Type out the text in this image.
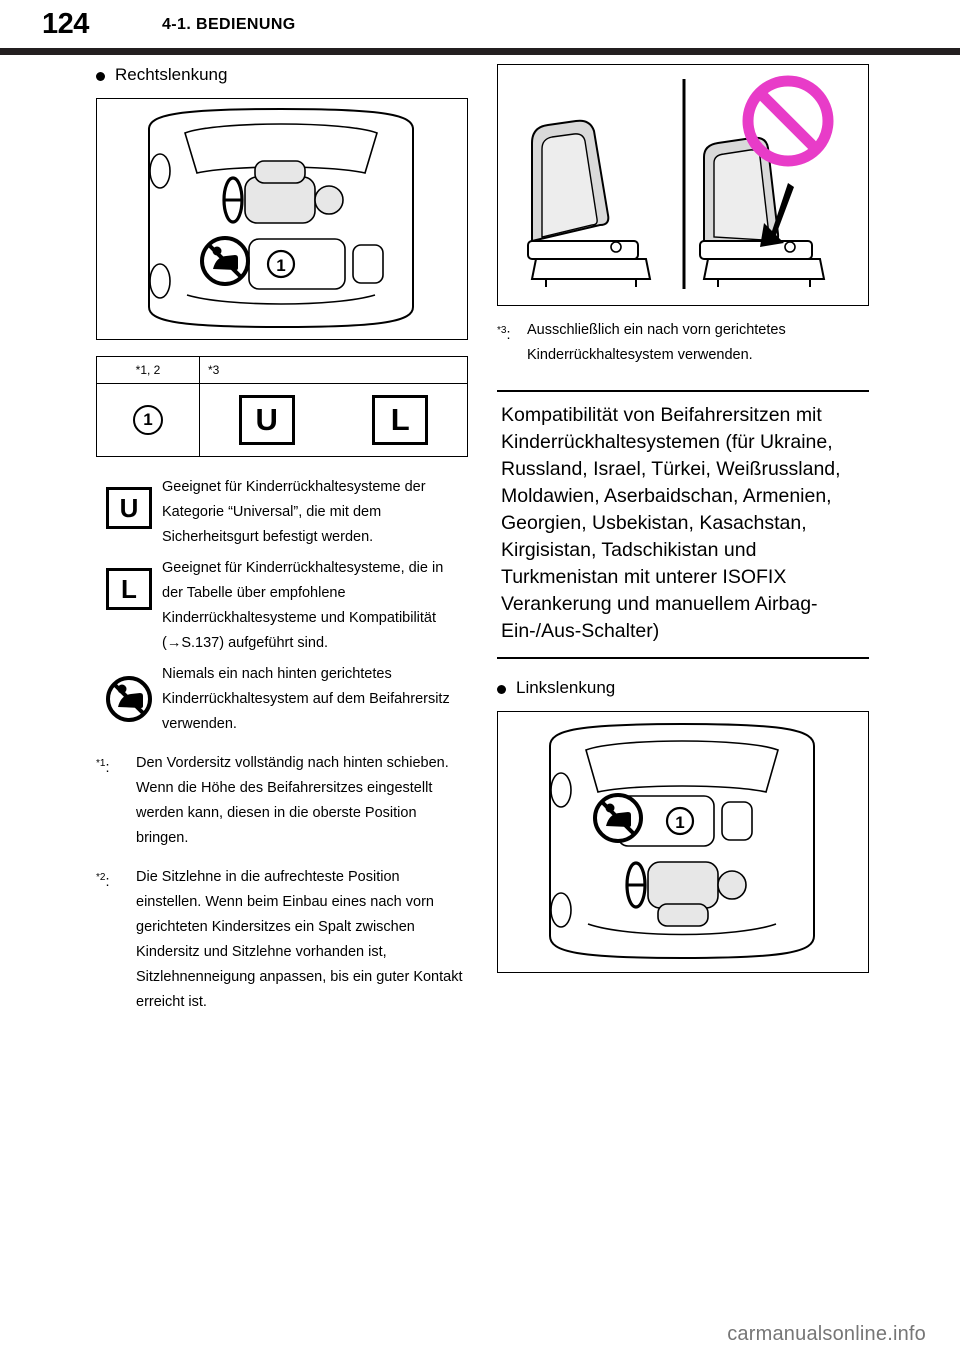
124	4-1. BEDIENUNG
Rechtslenkung
1
*1, 2	*3
1	U	L
U
Geeignet für Kinderrückhaltesysteme der Kategorie “Universal”, die mit dem Sicherheitsgurt befestigt werden.
L
Geeignet für Kinderrückhaltesysteme, die in der Tabelle über empfohlene Kinderrückhaltesysteme und Kompatibilität (→S.137) aufgeführt sind.
Niemals ein nach hinten gerichtetes Kinderrückhaltesystem auf dem Beifahrersitz verwenden.
$^{*1}$:	Den Vordersitz vollständig nach hinten schieben. Wenn die Höhe des Beifahrersitzes eingestellt werden kann, diesen in die oberste Position bringen.
$^{*2}$:	Die Sitzlehne in die aufrechteste Position einstellen. Wenn beim Einbau eines nach vorn gerichteten Kindersitzes ein Spalt zwischen Kindersitz und Sitzlehne vorhanden ist, Sitzlehnenneigung anpassen, bis ein guter Kontakt erreicht ist.
$^{*3}$:	Ausschließlich ein nach vorn gerichtetes Kinderrückhaltesystem verwenden.
Kompatibilität von Beifahrersitzen mit Kinderrückhaltesystemen (für Ukraine, Russland, Israel, Türkei, Weißrussland, Moldawien, Aserbaidschan, Armenien, Georgien, Usbekistan, Kasachstan, Kirgisistan, Tadschikistan und Turkmenistan mit unterer ISOFIX Verankerung und manuellem Airbag-Ein-/Aus-Schalter)
Linkslenkung
1
carmanualsonline.info
